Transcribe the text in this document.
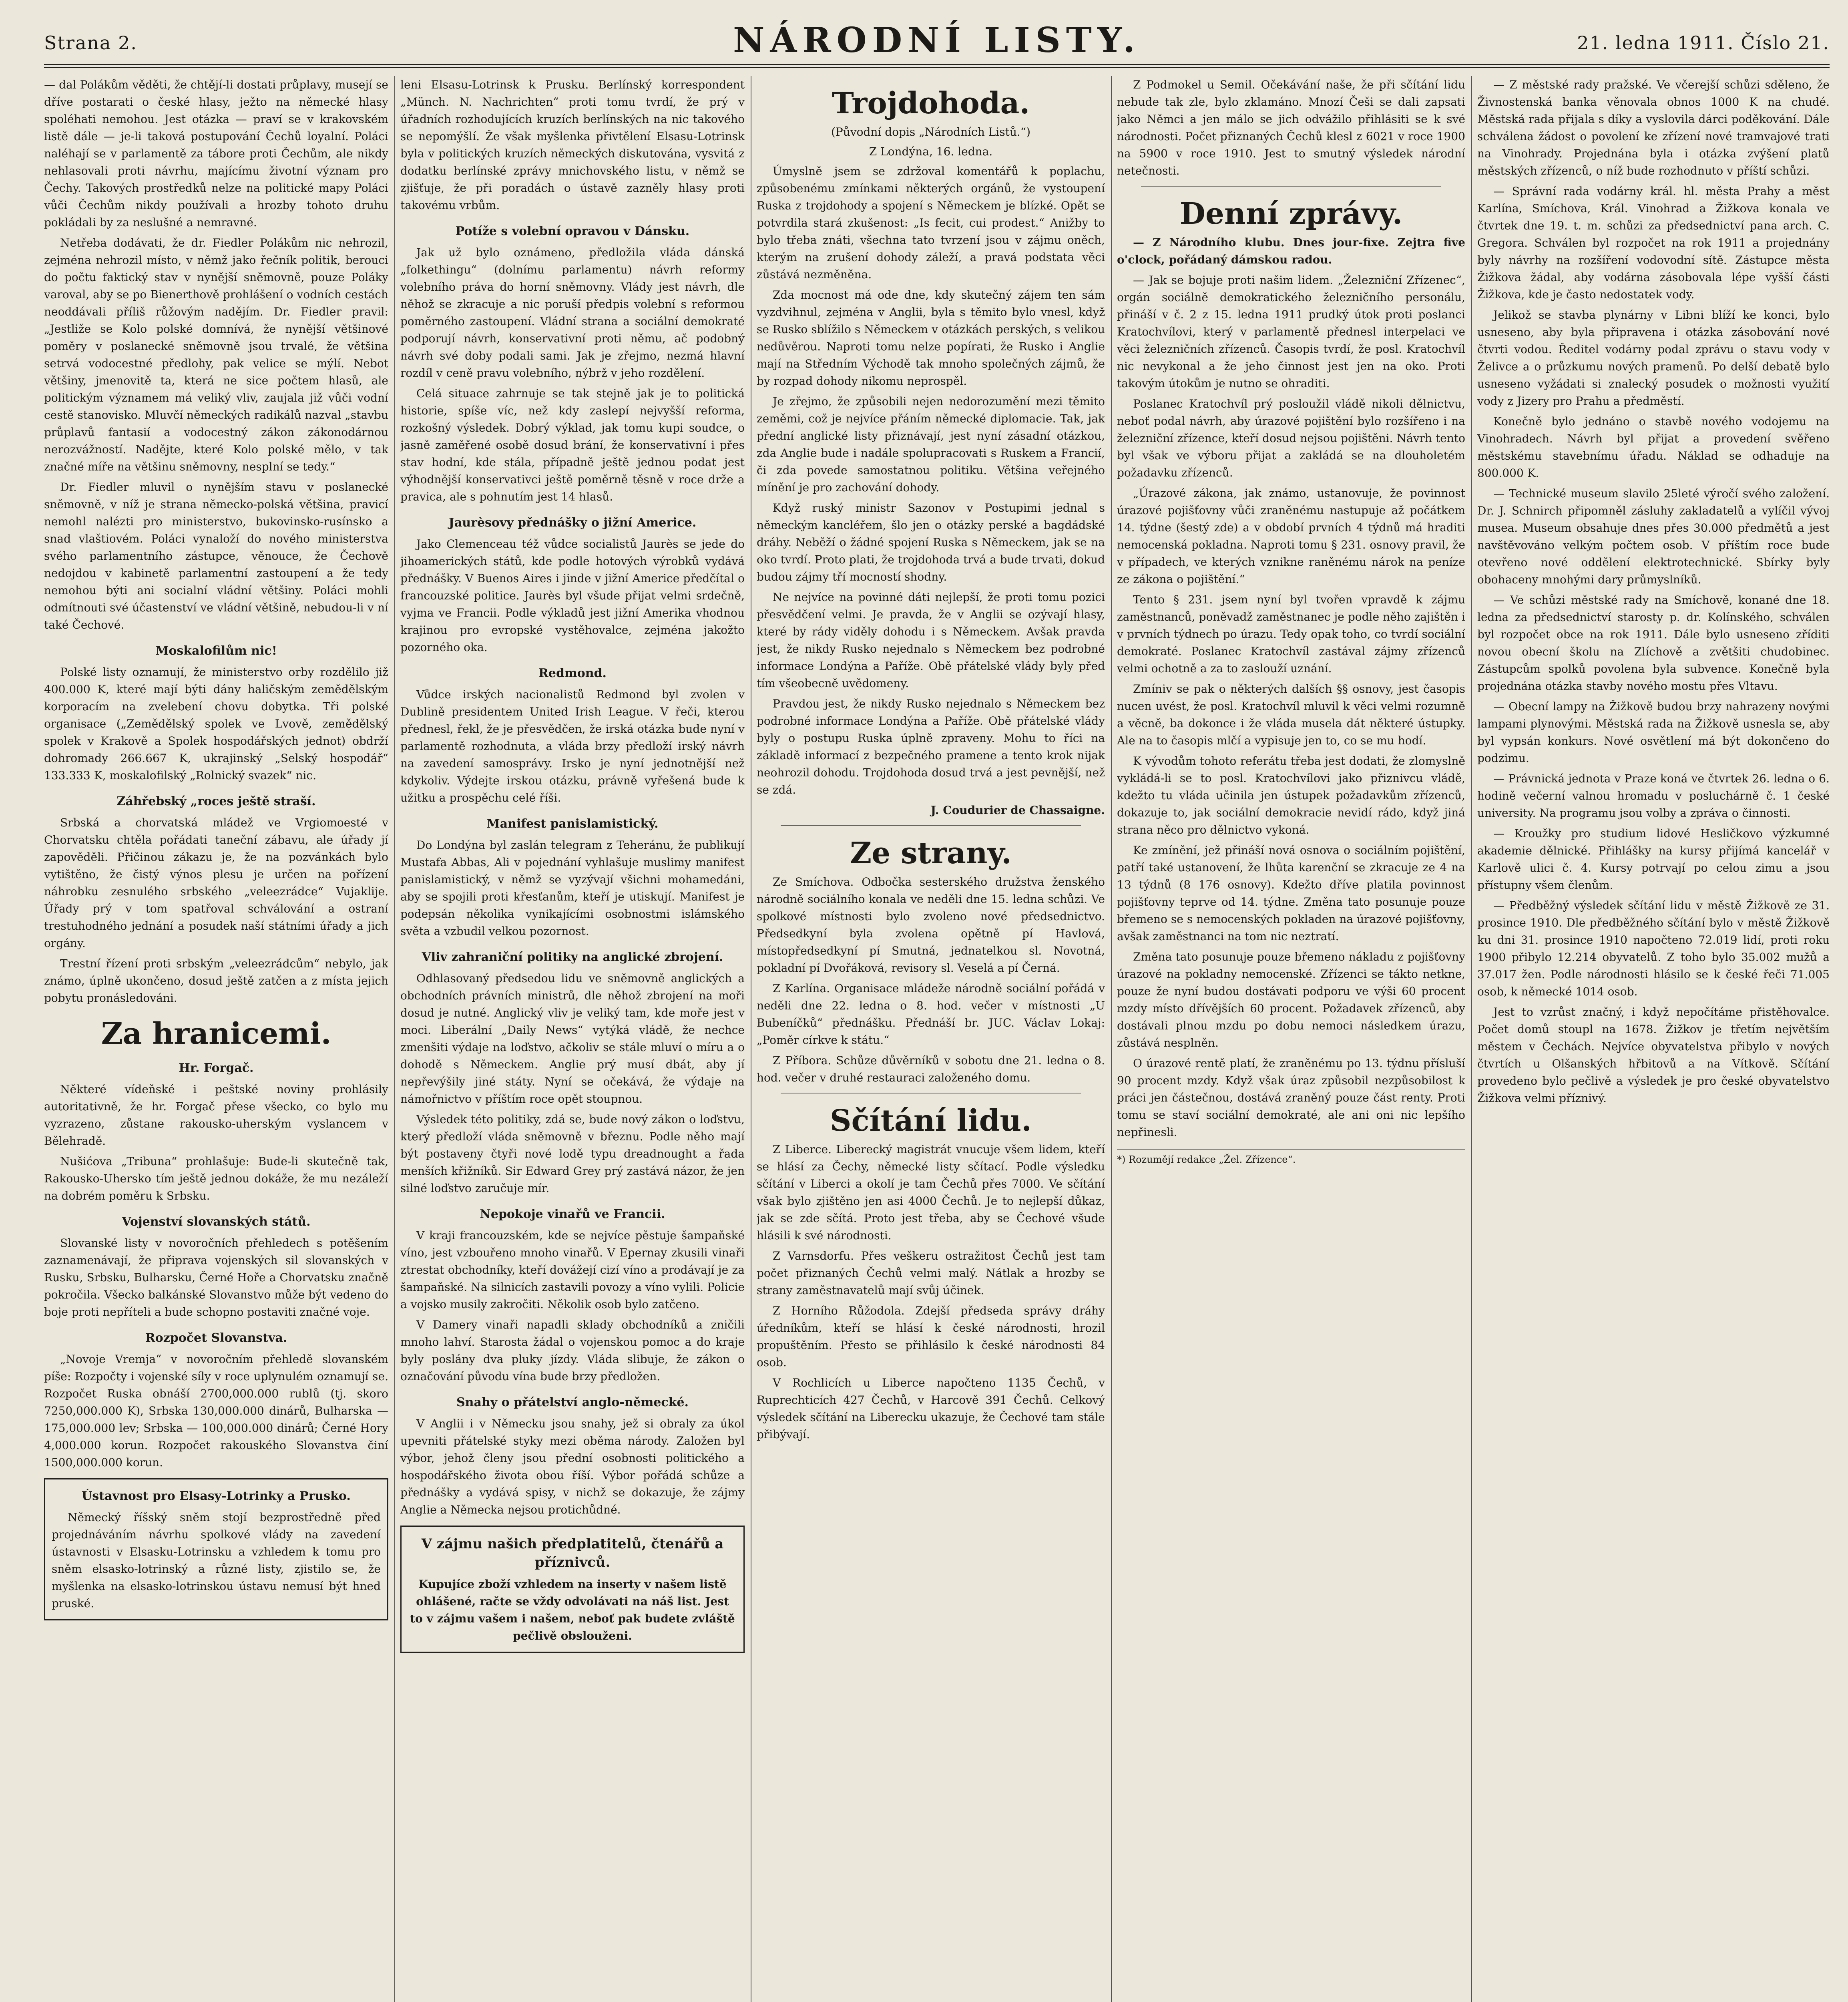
Strana 2.	NÁRODNÍ LISTY.	21. ledna 1911. Číslo 21.

— dal Polákům věděti, že chtějí-li dostati průplavy, musejí se dříve postarati o české hlasy, ježto na německé hlasy spoléhati nemohou. Jest otázka — praví se v krakovském listě dále — je-li taková postupování Čechů loyalní. Poláci naléhají se v parlamentě za tábore proti Čechům, ale nikdy nehlasovali proti návrhu, majícímu životní význam pro Čechy. Takových prostředků nelze na politické mapy Poláci vůči Čechům nikdy používali a hrozby tohoto druhu pokládali by za neslušné a nemravné.

Netřeba dodávati, že dr. Fiedler Polákům nic nehrozil, zejména nehrozil místo, v němž jako řečník politik, berouci do počtu faktický stav v nynější sněmovně, pouze Poláky varoval, aby se po Bienerthově prohlášení o vodních cestách neoddávali příliš růžovým nadějím. Dr. Fiedler pravil: „Jestliže se Kolo polské domnívá, že nynější většinové poměry v poslanecké sněmovně jsou trvalé, že většina setrvá vodocestné předlohy, pak velice se mýlí. Nebot většiny, jmenovitě ta, která ne sice počtem hlasů, ale politickým významem má veliký vliv, zaujala již vůči vodní cestě stanovisko. Mluvčí německých radikálů nazval „stavbu průplavů fantasií a vodocestný zákon zákonodárnou nerozvážností. Nadějte, které Kolo polské mělo, v tak značné míře na většinu sněmovny, nesplní se tedy.“

Dr. Fiedler mluvil o nynějším stavu v poslanecké sněmovně, v níž je strana německo-polská většina, pravicí nemohl nalézti pro ministerstvo, bukovinsko-rusínsko a snad vlaštiovém. Poláci vynaloží do nového ministerstva svého parlamentního zástupce, věnouce, že Čechově nedojdou v kabinetě parlamentní zastoupení a že tedy nemohou býti ani socialní vládní většiny. Poláci mohli odmítnouti své účastenství ve vládní většině, nebudou-li v ní také Čechové.

Moskalofilům nic!

Polské listy oznamují, že ministerstvo orby rozdělilo již 400.000 K, které mají býti dány haličským zemědělským korporacím na zvelebení chovu dobytka. Tři polské organisace („Zemědělský spolek ve Lvově, zemědělský spolek v Krakově a Spolek hospodářských jednot) obdrží dohromady 266.667 K, ukrajinský „Selský hospodář“ 133.333 K, moskalofilský „Rolnický svazek“ nic.

Záhřebský „roces ještě straší.

Srbská a chorvatská mládež ve Vrgiomoesté v Chorvatsku chtěla pořádati taneční zábavu, ale úřady jí zapověděli. Přičinou zákazu je, že na pozvánkách bylo vytištěno, že čistý výnos plesu je určen na pořízení náhrobku zesnulého srbského „veleezrádce“ Vujaklije. Úřady prý v tom spatřoval schválování a ostraní trestuhodného jednání a posudek naší státními úřady a jich orgány.

Trestní řízení proti srbským „veleezrádcům“ nebylo, jak známo, úplně ukončeno, dosud ještě zatčen a z místa jejich pobytu pronásledováni.

Za hranicemi.
Hr. Forgač.

Některé vídeňské i peštské noviny prohlásily autoritativně, že hr. Forgač přese všecko, co bylo mu vyzrazeno, zůstane rakousko-uherským vyslancem v Bělehradě.

Nušićova „Tribuna“ prohlašuje: Bude-li skutečně tak, Rakousko-Uhersko tím ještě jednou dokáže, že mu nezáleží na dobrém poměru k Srbsku.

Vojenství slovanských států.

Slovanské listy v novoročních přehledech s potěšením zaznamenávají, že připrava vojenských sil slovanských v Rusku, Srbsku, Bulharsku, Černé Hoře a Chorvatsku značně pokročila. Všecko balkánské Slovanstvo může být vedeno do boje proti nepříteli a bude schopno postaviti značné voje.

Rozpočet Slovanstva.

„Novoje Vremja“ v novoročním přehledě slovanském píše: Rozpočty i vojenské síly v roce uplynulém oznamují se. Rozpočet Ruska obnáší 2700,000.000 rublů (tj. skoro 7250,000.000 K), Srbska 130,000.000 dinárů, Bulharska — 175,000.000 lev; Srbska — 100,000.000 dinárů; Černé Hory 4,000.000 korun. Rozpočet rakouského Slovanstva činí 1500,000.000 korun.

Ústavnost pro Elsasy-Lotrinky a Prusko.

Německý říšský sněm stojí bezprostředně před projednáváním návrhu spolkové vlády na zavedení ústavnosti v Elsasku-Lotrinsku a vzhledem k tomu pro sněm elsasko-lotrinský a různé listy, zjistilo se, že myšlenka na elsasko-lotrinskou ústavu nemusí být hned pruské.

leni Elsasu-Lotrinsk k Prusku. Berlínský korrespondent „Münch. N. Nachrichten“ proti tomu tvrdí, že prý v úřadních rozhodujících kruzích berlínských na nic takového se nepomýšlí. Že však myšlenka přivtělení Elsasu-Lotrinsk byla v politických kruzích německých diskutována, vysvitá z dodatku berlínské zprávy mnichovského listu, v němž se zjišťuje, že při poradách o ústavě zazněly hlasy proti takovému vrbům.

Potíže s volební opravou v Dánsku.

Jak už bylo oznámeno, předložila vláda dánská „folkethingu“ (dolnímu parlamentu) návrh reformy volebního práva do horní sněmovny. Vlády jest návrh, dle něhož se zkracuje a nic poruší předpis volební s reformou poměrného zastoupení. Vládní strana a sociální demokraté podporují návrh, konservativní proti němu, ač podobný návrh své doby podali sami. Jak je zřejmo, nezmá hlavní rozdíl v ceně pravu volebního, nýbrž v jeho rozdělení.

Celá situace zahrnuje se tak stejně jak je to politická historie, spíše víc, než kdy zaslepí nejvyšší reforma, rozkošný výsledek. Dobrý výklad, jak tomu kupi soudce, o jasně zaměřené osobě dosud brání, že konservativní i přes stav hodní, kde stála, případně ještě jednou podat jest výhodnější konservativci ještě poměrně těsně v roce drže a pravica, ale s pohnutím jest 14 hlasů.

Jaurèsovy přednášky o jižní Americe.

Jako Clemenceau též vůdce socialistů Jaurès se jede do jihoamerických států, kde podle hotových výrobků vydává přednášky. V Buenos Aires i jinde v jižní Americe předčítal o francouzské politice. Jaurès byl všude přijat velmi srdečně, vyjma ve Francii. Podle výkladů jest jižní Amerika vhodnou krajinou pro evropské vystěhovalce, zejména jakožto pozorného oka.

Redmond.

Vůdce irských nacionalistů Redmond byl zvolen v Dublině presidentem United Irish League. V řeči, kterou přednesl, řekl, že je přesvědčen, že irská otázka bude nyní v parlamentě rozhodnuta, a vláda brzy předloží irský návrh na zavedení samosprávy. Irsko je nyní jednotnější než kdykoliv. Výdejte irskou otázku, právně vyřešená bude k užitku a prospěchu celé říši.

Manifest panislamistický.

Do Londýna byl zaslán telegram z Teheránu, že publikují Mustafa Abbas, Ali v pojednání vyhlašuje muslimy manifest panislamistický, v němž se vyzývají všichni mohamedáni, aby se spojili proti křesťanům, kteří je utiskují. Manifest je podepsán několika vynikajícími osobnostmi islámského světa a vzbudil velkou pozornost.

Vliv zahraniční politiky na anglické zbrojení.

Odhlasovaný předsedou lidu ve sněmovně anglických a obchodních právních ministrů, dle něhož zbrojení na moři dosud je nutné. Anglický vliv je veliký tam, kde moře jest v moci. Liberální „Daily News“ vytýká vládě, že nechce zmenšiti výdaje na loďstvo, ačkoliv se stále mluví o míru a o dohodě s Německem. Anglie prý musí dbát, aby jí nepřevýšily jiné státy. Nyní se očekává, že výdaje na námořnictvo v příštím roce opět stoupnou.

Výsledek této politiky, zdá se, bude nový zákon o loďstvu, který předloží vláda sněmovně v březnu. Podle něho mají být postaveny čtyři nové lodě typu dreadnought a řada menších křižníků. Sir Edward Grey prý zastává názor, že jen silné loďstvo zaručuje mír.

Nepokoje vinařů ve Francii.

V kraji francouzském, kde se nejvíce pěstuje šampaňské víno, jest vzbouřeno mnoho vinařů. V Epernay zkusili vinaři ztrestat obchodníky, kteří dovážejí cizí víno a prodávají je za šampaňské. Na silnicích zastavili povozy a víno vylili. Policie a vojsko musily zakročiti. Několik osob bylo zatčeno.

V Damery vinaři napadli sklady obchodníků a zničili mnoho lahví. Starosta žádal o vojenskou pomoc a do kraje byly poslány dva pluky jízdy. Vláda slibuje, že zákon o označování původu vína bude brzy předložen.

Snahy o přátelství anglo-německé.

V Anglii i v Německu jsou snahy, jež si obraly za úkol upevniti přátelské styky mezi oběma národy. Založen byl výbor, jehož členy jsou přední osobnosti politického a hospodářského života obou říší. Výbor pořádá schůze a přednášky a vydává spisy, v nichž se dokazuje, že zájmy Anglie a Německa nejsou protichůdné.

V zájmu našich předplatitelů, čtenářů a příznivců.

Kupujíce zboží vzhledem na inserty v našem listě ohlášené, račte se vždy odvolávati na náš list. Jest to v zájmu vašem i našem, neboť pak budete zvláště pečlivě obslouženi.

Trojdohoda.
(Původní dopis „Národních Listů.“)
Z Londýna, 16. ledna.

Úmyslně jsem se zdržoval komentářů k poplachu, způsobenému zmínkami některých orgánů, že vystoupení Ruska z trojdohody a spojení s Německem je blízké. Opět se potvrdila stará zkušenost: „Is fecit, cui prodest.“ Anižby to bylo třeba znáti, všechna tato tvrzení jsou v zájmu oněch, kterým na zrušení dohody záleží, a pravá podstata věci zůstává nezměněna.

Zda mocnost má ode dne, kdy skutečný zájem ten sám vyzdvihnul, zejména v Anglii, byla s těmito bylo vnesl, když se Rusko sblížilo s Německem v otázkách perských, s velikou nedůvěrou. Naproti tomu nelze popírati, že Rusko i Anglie mají na Středním Východě tak mnoho společných zájmů, že by rozpad dohody nikomu neprospěl.

Je zřejmo, že způsobili nejen nedorozumění mezi těmito zeměmi, což je nejvíce přáním německé diplomacie. Tak, jak přední anglické listy přiznávají, jest nyní zásadní otázkou, zda Anglie bude i nadále spolupracovati s Ruskem a Francií, či zda povede samostatnou politiku. Většina veřejného mínění je pro zachování dohody.

Když ruský ministr Sazonov v Postupimi jednal s německým kancléřem, šlo jen o otázky perské a bagdádské dráhy. Neběží o žádné spojení Ruska s Německem, jak se na oko tvrdí. Proto plati, že trojdohoda trvá a bude trvati, dokud budou zájmy tří mocností shodny.

Ne nejvíce na povinné dáti nejlepší, že proti tomu pozici přesvědčení velmi. Je pravda, že v Anglii se ozývají hlasy, které by rády viděly dohodu i s Německem. Avšak pravda jest, že nikdy Rusko nejednalo s Německem bez podrobné informace Londýna a Paříže. Obě přátelské vlády byly před tím všeobecně uvědomeny.

Pravdou jest, že nikdy Rusko nejednalo s Německem bez podrobné informace Londýna a Paříže. Obě přátelské vlády byly o postupu Ruska úplně zpraveny. Mohu to říci na základě informací z bezpečného pramene a tento krok nijak neohrozil dohodu. Trojdohoda dosud trvá a jest pevnější, než se zdá.

J. Coudurier de Chassaigne.
Ze strany.

Ze Smíchova. Odbočka sesterského družstva ženského národně sociálního konala ve neděli dne 15. ledna schůzi. Ve spolkové místnosti bylo zvoleno nové předsednictvo. Předsedkyní byla zvolena opětně pí Havlová, místopředsedkyní pí Smutná, jednatelkou sl. Novotná, pokladní pí Dvořáková, revisory sl. Veselá a pí Černá.

Z Karlína. Organisace mládeže národně sociální pořádá v neděli dne 22. ledna o 8. hod. večer v místnosti „U Bubeníčků“ přednášku. Přednáší br. JUC. Václav Lokaj: „Poměr církve k státu.“

Z Příbora. Schůze důvěrníků v sobotu dne 21. ledna o 8. hod. večer v druhé restauraci založeného domu.

Sčítání lidu.

Z Liberce. Liberecký magistrát vnucuje všem lidem, kteří se hlásí za Čechy, německé listy sčítací. Podle výsledku sčítání v Liberci a okolí je tam Čechů přes 7000. Ve sčítání však bylo zjištěno jen asi 4000 Čechů. Je to nejlepší důkaz, jak se zde sčítá. Proto jest třeba, aby se Čechové všude hlásili k své národnosti.

Z Varnsdorfu. Přes veškeru ostražitost Čechů jest tam počet přiznaných Čechů velmi malý. Nátlak a hrozby se strany zaměstnavatelů mají svůj účinek.

Z Horního Růžodola. Zdejší předseda správy dráhy úředníkům, kteří se hlásí k české národnosti, hrozil propuštěním. Přesto se přihlásilo k české národnosti 84 osob.

V Rochlicích u Liberce napočteno 1135 Čechů, v Ruprechticích 427 Čechů, v Harcově 391 Čechů. Celkový výsledek sčítání na Liberecku ukazuje, že Čechové tam stále přibývají.

Z Podmokel u Semil. Očekávání naše, že při sčítání lidu nebude tak zle, bylo zklamáno. Mnozí Češi se dali zapsati jako Němci a jen málo se jich odvážilo přihlásiti se k své národnosti. Počet přiznaných Čechů klesl z 6021 v roce 1900 na 5900 v roce 1910. Jest to smutný výsledek národní netečnosti.

Denní zprávy.

— Z Národního klubu. Dnes jour-fixe. Zejtra five o'clock, pořádaný dámskou radou.

— Jak se bojuje proti našim lidem. „Železniční Zřízenec“, orgán sociálně demokratického železničního personálu, přináší v č. 2 z 15. ledna 1911 prudký útok proti poslanci Kratochvílovi, který v parlamentě přednesl interpelaci ve věci železničních zřízenců. Časopis tvrdí, že posl. Kratochvíl nic nevykonal a že jeho činnost jest jen na oko. Proti takovým útokům je nutno se ohraditi.

Poslanec Kratochvíl prý posloužil vládě nikoli dělnictvu, neboť podal návrh, aby úrazové pojištění bylo rozšířeno i na železniční zřízence, kteří dosud nejsou pojištěni. Návrh tento byl však ve výboru přijat a zakládá se na dlouholetém požadavku zřízenců.

„Úrazové zákona, jak známo, ustanovuje, že povinnost úrazové pojišťovny vůči zraněnému nastupuje až počátkem 14. týdne (šestý zde) a v období prvních 4 týdnů má hraditi nemocenská pokladna. Naproti tomu § 231. osnovy pravil, že v případech, ve kterých vznikne raněnému nárok na peníze ze zákona o pojištění.“

Tento § 231. jsem nyní byl tvořen vpravdě k zájmu zaměstnanců, poněvadž zaměstnanec je podle něho zajištěn i v prvních týdnech po úrazu. Tedy opak toho, co tvrdí sociální demokraté. Poslanec Kratochvíl zastával zájmy zřízenců velmi ochotně a za to zaslouží uznání.

Zmíniv se pak o některých dalších §§ osnovy, jest časopis nucen uvést, že posl. Kratochvíl mluvil k věci velmi rozumně a věcně, ba dokonce i že vláda musela dát některé ústupky. Ale na to časopis mlčí a vypisuje jen to, co se mu hodí.

K vývodům tohoto referátu třeba jest dodati, že zlomyslně vykládá-li se to posl. Kratochvílovi jako přiznivcu vládě, kdežto tu vláda učinila jen ústupek požadavkům zřízenců, dokazuje to, jak sociální demokracie nevidí rádo, když jiná strana něco pro dělnictvo vykoná.

Ke zmínění, jež přináší nová osnova o sociálním pojištění, patří také ustanovení, že lhůta karenční se zkracuje ze 4 na 13 týdnů (8 176 osnovy). Kdežto dříve platila povinnost pojišťovny teprve od 14. týdne. Změna tato posunuje pouze břemeno se s nemocenských pokladen na úrazové pojišťovny, avšak zaměstnanci na tom nic neztratí.

Změna tato posunuje pouze břemeno nákladu z pojišťovny úrazové na pokladny nemocenské. Zřízenci se tákto netkne, pouze že nyní budou dostávati podporu ve výši 60 procent mzdy místo dřívějších 60 procent. Požadavek zřízenců, aby dostávali plnou mzdu po dobu nemoci následkem úrazu, zůstává nesplněn.

O úrazové rentě platí, že zraněnému po 13. týdnu přísluší 90 procent mzdy. Když však úraz způsobil nezpůsobilost k práci jen částečnou, dostává zraněný pouze část renty. Proti tomu se staví sociální demokraté, ale ani oni nic lepšího nepřinesli.

*) Rozumějí redakce „Žel. Zřízence“.

— Z městské rady pražské. Ve včerejší schůzi sděleno, že Živnostenská banka věnovala obnos 1000 K na chudé. Městská rada přijala s díky a vyslovila dárci poděkování. Dále schválena žádost o povolení ke zřízení nové tramvajové trati na Vinohrady. Projednána byla i otázka zvýšení platů městských zřízenců, o níž bude rozhodnuto v příští schůzi.

— Správní rada vodárny král. hl. města Prahy a měst Karlína, Smíchova, Král. Vinohrad a Žižkova konala ve čtvrtek dne 19. t. m. schůzi za předsednictví pana arch. C. Gregora. Schválen byl rozpočet na rok 1911 a projednány byly návrhy na rozšíření vodovodní sítě. Zástupce města Žižkova žádal, aby vodárna zásobovala lépe vyšší části Žižkova, kde je často nedostatek vody.

Jelikož se stavba plynárny v Libni blíží ke konci, bylo usneseno, aby byla připravena i otázka zásobování nové čtvrti vodou. Ředitel vodárny podal zprávu o stavu vody v Želivce a o průzkumu nových pramenů. Po delší debatě bylo usneseno vyžádati si znalecký posudek o možnosti využití vody z Jizery pro Prahu a předměstí.

Konečně bylo jednáno o stavbě nového vodojemu na Vinohradech. Návrh byl přijat a provedení svěřeno městskému stavebnímu úřadu. Náklad se odhaduje na 800.000 K.

— Technické museum slavilo 25leté výročí svého založení. Dr. J. Schnirch připomněl zásluhy zakladatelů a vylíčil vývoj musea. Museum obsahuje dnes přes 30.000 předmětů a jest navštěvováno velkým počtem osob. V příštím roce bude otevřeno nové oddělení elektrotechnické. Sbírky byly obohaceny mnohými dary průmyslníků.

— Ve schůzi městské rady na Smíchově, konané dne 18. ledna za předsednictví starosty p. dr. Kolínského, schválen byl rozpočet obce na rok 1911. Dále bylo usneseno zříditi novou obecní školu na Zlíchově a zvětšiti chudobinec. Zástupcům spolků povolena byla subvence. Konečně byla projednána otázka stavby nového mostu přes Vltavu.

— Obecní lampy na Žižkově budou brzy nahrazeny novými lampami plynovými. Městská rada na Žižkově usnesla se, aby byl vypsán konkurs. Nové osvětlení má být dokončeno do podzimu.

— Právnická jednota v Praze koná ve čtvrtek 26. ledna o 6. hodině večerní valnou hromadu v posluchárně č. 1 české university. Na programu jsou volby a zpráva o činnosti.

— Kroužky pro studium lidové Hesličkovo výzkumné akademie dělnické. Přihlášky na kursy přijímá kancelář v Karlově ulici č. 4. Kursy potrvají po celou zimu a jsou přístupny všem členům.

— Předběžný výsledek sčítání lidu v městě Žižkově ze 31. prosince 1910. Dle předběžného sčítání bylo v městě Žižkově ku dni 31. prosince 1910 napočteno 72.019 lidí, proti roku 1900 přibylo 12.214 obyvatelů. Z toho bylo 35.002 mužů a 37.017 žen. Podle národnosti hlásilo se k české řeči 71.005 osob, k německé 1014 osob.

Jest to vzrůst značný, i když nepočítáme přistěhovalce. Počet domů stoupl na 1678. Žižkov je třetím největším městem v Čechách. Nejvíce obyvatelstva přibylo v nových čtvrtích u Olšanských hřbitovů a na Vítkově. Sčítání provedeno bylo pečlivě a výsledek je pro české obyvatelstvo Žižkova velmi příznivý.
